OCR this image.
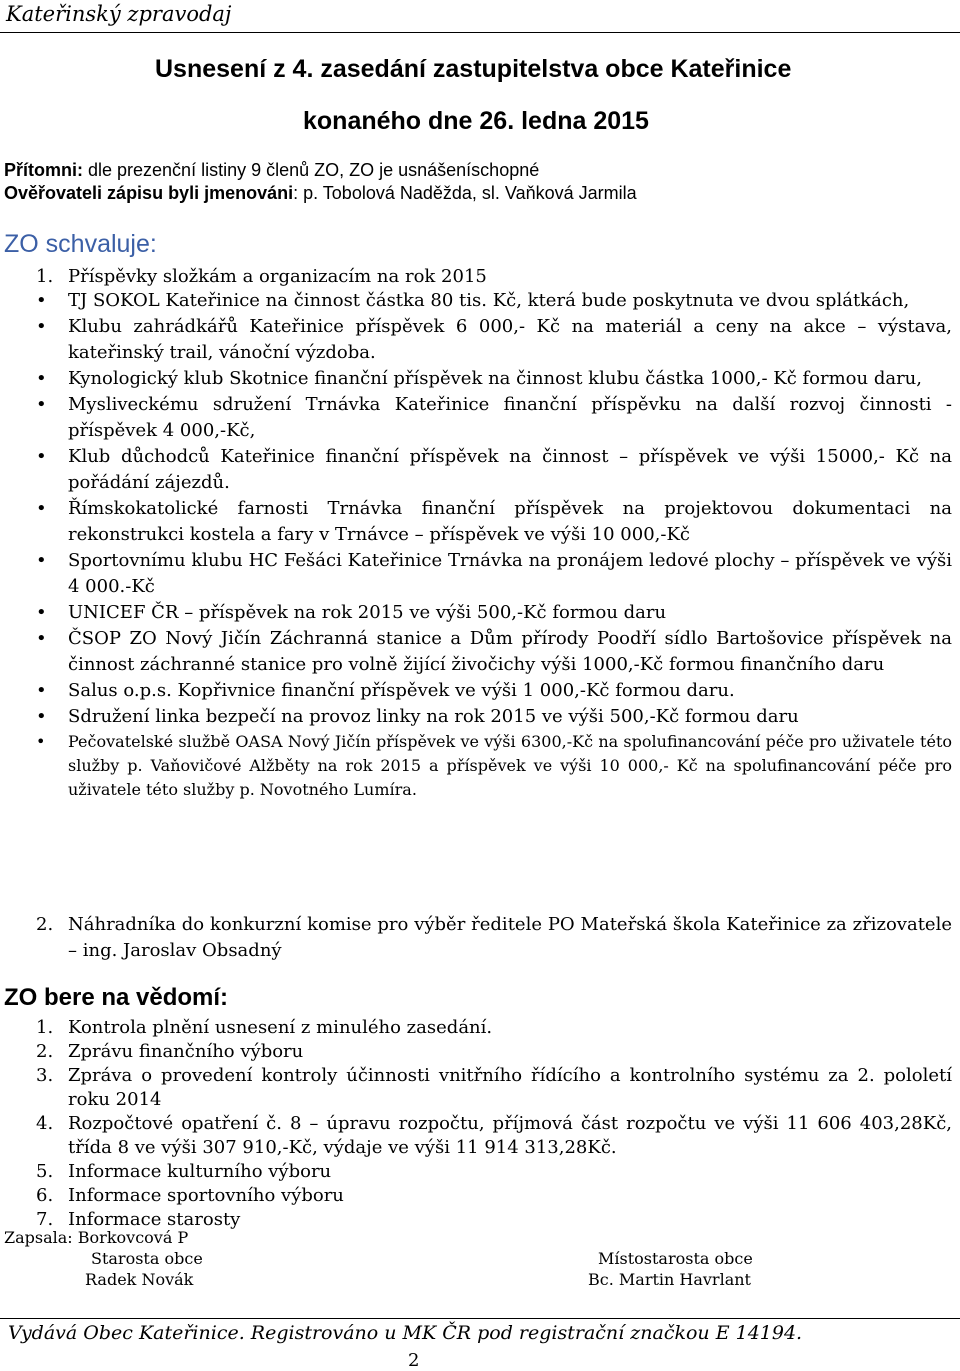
Kateřinský zpravodaj
Usnesení z 4. zasedání zastupitelstva obce Kateřinice
konaného dne 26. ledna 2015
Přítomni: dle prezenční listiny 9 členů ZO, ZO je usnášeníschopné
Ověřovateli zápisu byli jmenováni: p. Tobolová Naděžda, sl. Vaňková Jarmila
ZO schvaluje:
1. Příspěvky složkám a organizacím na rok 2015
• TJ SOKOL Kateřinice na činnost částka 80 tis. Kč, která bude poskytnuta ve dvou splátkách,
• Klubu zahrádkářů Kateřinice příspěvek 6 000,- Kč na materiál a ceny na akce – výstava, kateřinský trail, vánoční výzdoba.
• Kynologický klub Skotnice finanční příspěvek na činnost klubu částka 1000,- Kč formou daru,
• Mysliveckému sdružení Trnávka Kateřinice finanční příspěvku na další rozvoj činnosti - příspěvek 4 000,-Kč,
• Klub důchodců Kateřinice finanční příspěvek na činnost – příspěvek ve výši 15000,- Kč na pořádání zájezdů.
• Římskokatolické farnosti Trnávka finanční příspěvek na projektovou dokumentaci na rekonstrukci kostela a fary v Trnávce – příspěvek ve výši 10 000,-Kč
• Sportovnímu klubu HC Fešáci Kateřinice Trnávka na pronájem ledové plochy – příspěvek ve výši 4 000.-Kč
• UNICEF ČR – příspěvek na rok 2015 ve výši 500,-Kč formou daru
• ČSOP ZO Nový Jičín Záchranná stanice a Dům přírody Poodří sídlo Bartošovice příspěvek na činnost záchranné stanice pro volně žijící živočichy výši 1000,-Kč formou finančního daru
• Salus o.p.s. Kopřivnice finanční příspěvek ve výši 1 000,-Kč formou daru.
• Sdružení linka bezpečí na provoz linky na rok 2015 ve výši 500,-Kč formou daru
• Pečovatelské službě OASA Nový Jičín příspěvek ve výši 6300,-Kč na spolufinancování péče pro uživatele této služby p. Vaňovičové Alžběty na rok 2015 a příspěvek ve výši 10 000,- Kč na spolufinancování péče pro uživatele této služby p. Novotného Lumíra.
2. Náhradníka do konkurzní komise pro výběr ředitele PO Mateřská škola Kateřinice za zřizovatele – ing. Jaroslav Obsadný
ZO bere na vědomí:
1. Kontrola plnění usnesení z minulého zasedání.
2. Zprávu finančního výboru
3. Zpráva o provedení kontroly účinnosti vnitřního řídícího a kontrolního systému za 2. pololetí roku 2014
4. Rozpočtové opatření č. 8 – úpravu rozpočtu, příjmová část rozpočtu ve výši 11 606 403,28Kč, třída 8 ve výši 307 910,-Kč, výdaje ve výši 11 914 313,28Kč.
5. Informace kulturního výboru
6. Informace sportovního výboru
7. Informace starosty
Zapsala: Borkovcová P
Starosta obce
Radek Novák
Místostarosta obce
Bc. Martin Havrlant
Vydává Obec Kateřinice. Registrováno u MK ČR pod registrační značkou E 14194.
2
